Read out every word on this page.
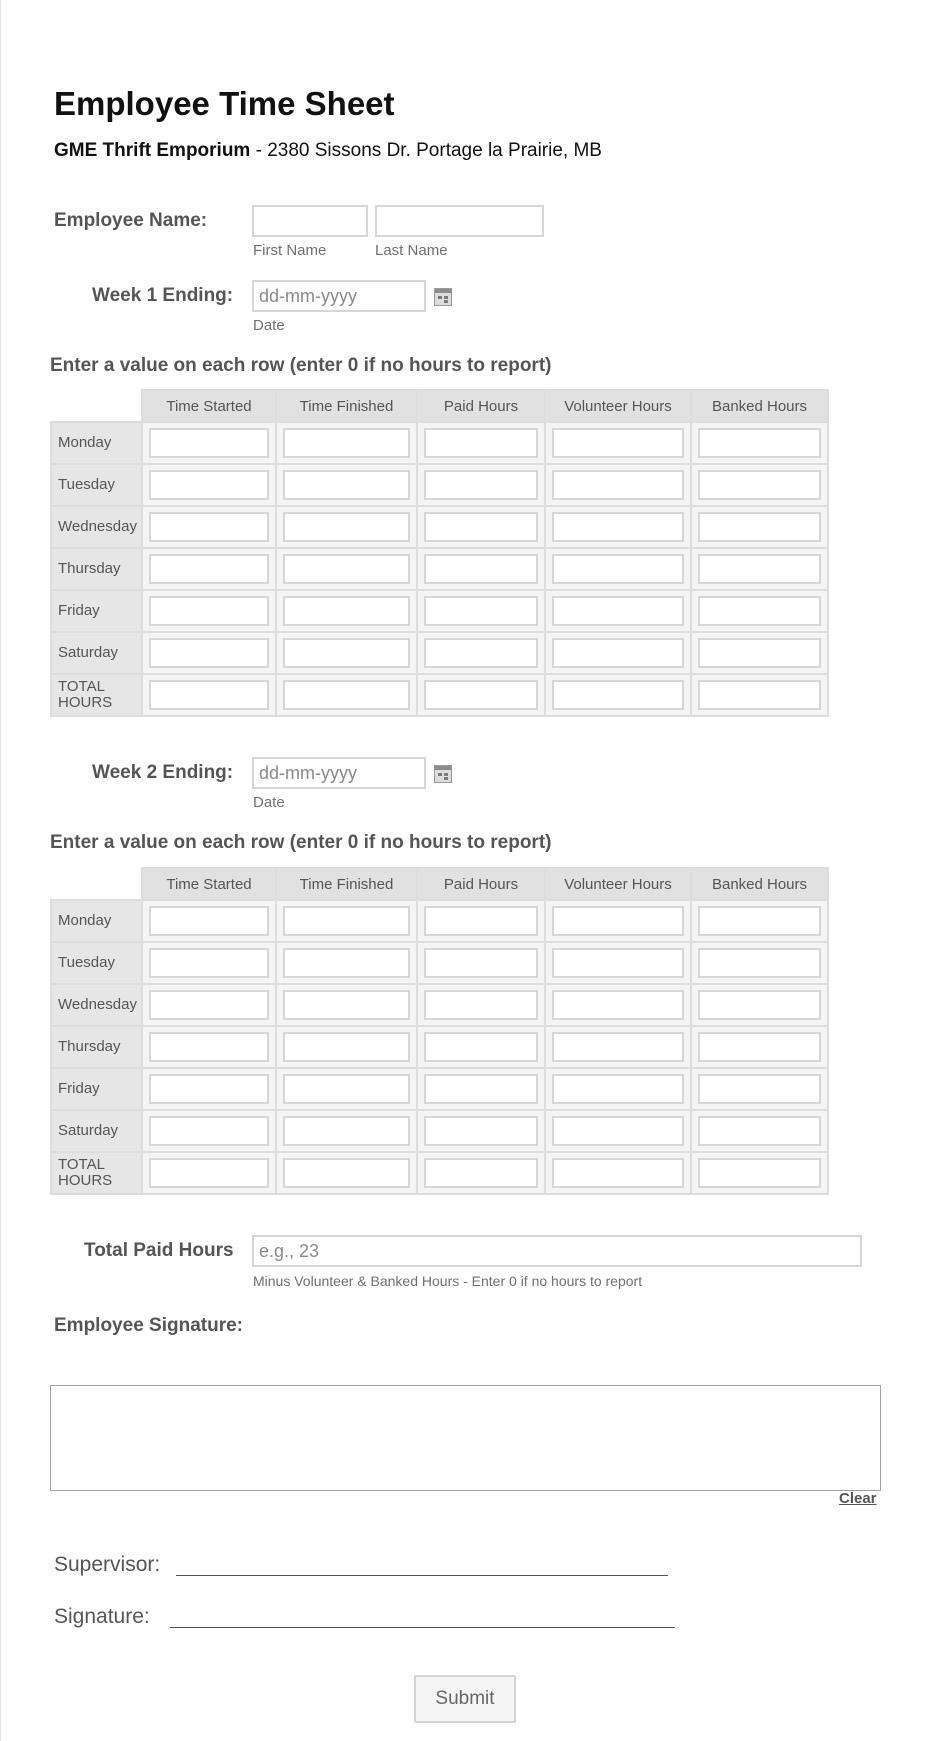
Employee Time Sheet
GME Thrift Emporium - 2380 Sissons Dr. Portage la Prairie, MB
Employee Name:
First Name	Last Name
Week 1 Ending:
dd-mm-yyyy
Date
Enter a value on each row (enter 0 if no hours to report)
	Time Started	Time Finished	Paid Hours	Volunteer Hours	Banked Hours
Monday					
Tuesday					
Wednesday					
Thursday					
Friday					
Saturday					
TOTAL HOURS					
Week 2 Ending:
dd-mm-yyyy
Date
Enter a value on each row (enter 0 if no hours to report)
	Time Started	Time Finished	Paid Hours	Volunteer Hours	Banked Hours
Monday					
Tuesday					
Wednesday					
Thursday					
Friday					
Saturday					
TOTAL HOURS					
Total Paid Hours
e.g., 23
Minus Volunteer & Banked Hours - Enter 0 if no hours to report
Employee Signature:
Clear
Supervisor:
Signature:
Submit
